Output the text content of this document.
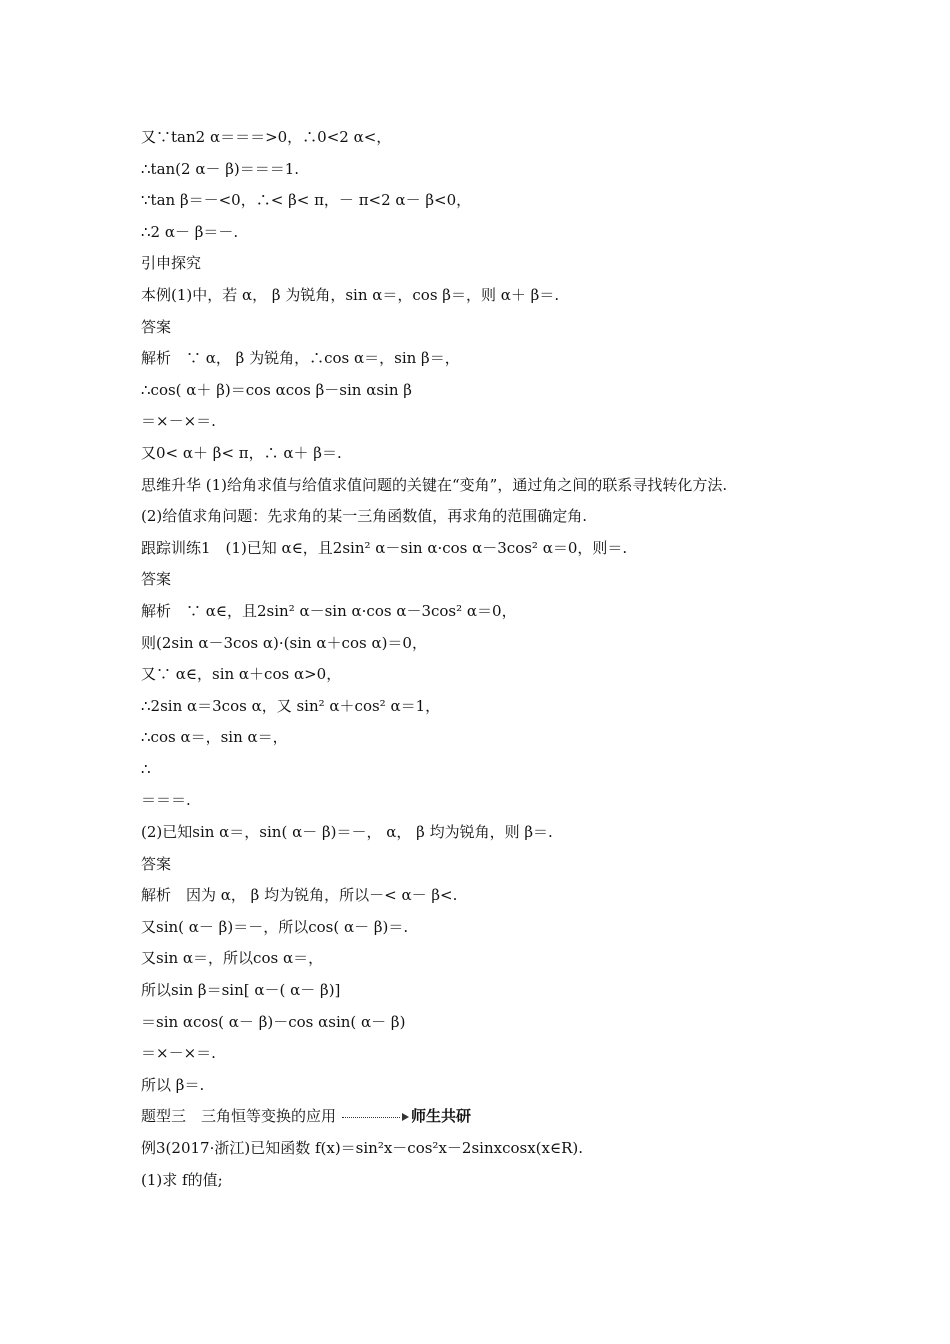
又∵tan2 α＝＝＝>0，∴0<2 α<，
∴tan(2 α－ β)＝＝＝1.
∵tan β＝－<0，∴< β< π，－ π<2 α－ β<0，
∴2 α－ β＝－.
引申探究
本例(1)中，若 α， β 为锐角，sin α＝，cos β＝，则 α＋ β＝.
答案
解析　∵ α， β 为锐角，∴cos α＝，sin β＝，
∴cos( α＋ β)＝cos αcos β－sin αsin β
＝×－×＝.
又0< α＋ β< π，∴ α＋ β＝.
思维升华 (1)给角求值与给值求值问题的关键在“变角”，通过角之间的联系寻找转化方法.
(2)给值求角问题：先求角的某一三角函数值，再求角的范围确定角.
跟踪训练1　(1)已知 α∈，且2sin² α－sin α·cos α－3cos² α＝0，则＝.
答案
解析　∵ α∈，且2sin² α－sin α·cos α－3cos² α＝0，
则(2sin α－3cos α)·(sin α＋cos α)＝0，
又∵ α∈，sin α＋cos α>0，
∴2sin α＝3cos α，又 sin² α＋cos² α＝1，
∴cos α＝，sin α＝，
∴
＝＝＝.
(2)已知sin α＝，sin( α－ β)＝－， α， β 均为锐角，则 β＝.
答案
解析　因为 α， β 均为锐角，所以－< α－ β<.
又sin( α－ β)＝－，所以cos( α－ β)＝.
又sin α＝，所以cos α＝，
所以sin β＝sin[ α－( α－ β)]
＝sin αcos( α－ β)－cos αsin( α－ β)
＝×－×＝.
所以 β＝.
题型三　三角恒等变换的应用	师生共研
例3(2017·浙江)已知函数 f(x)＝sin²x－cos²x－2sinxcosx(x∈R).
(1)求 f的值;
